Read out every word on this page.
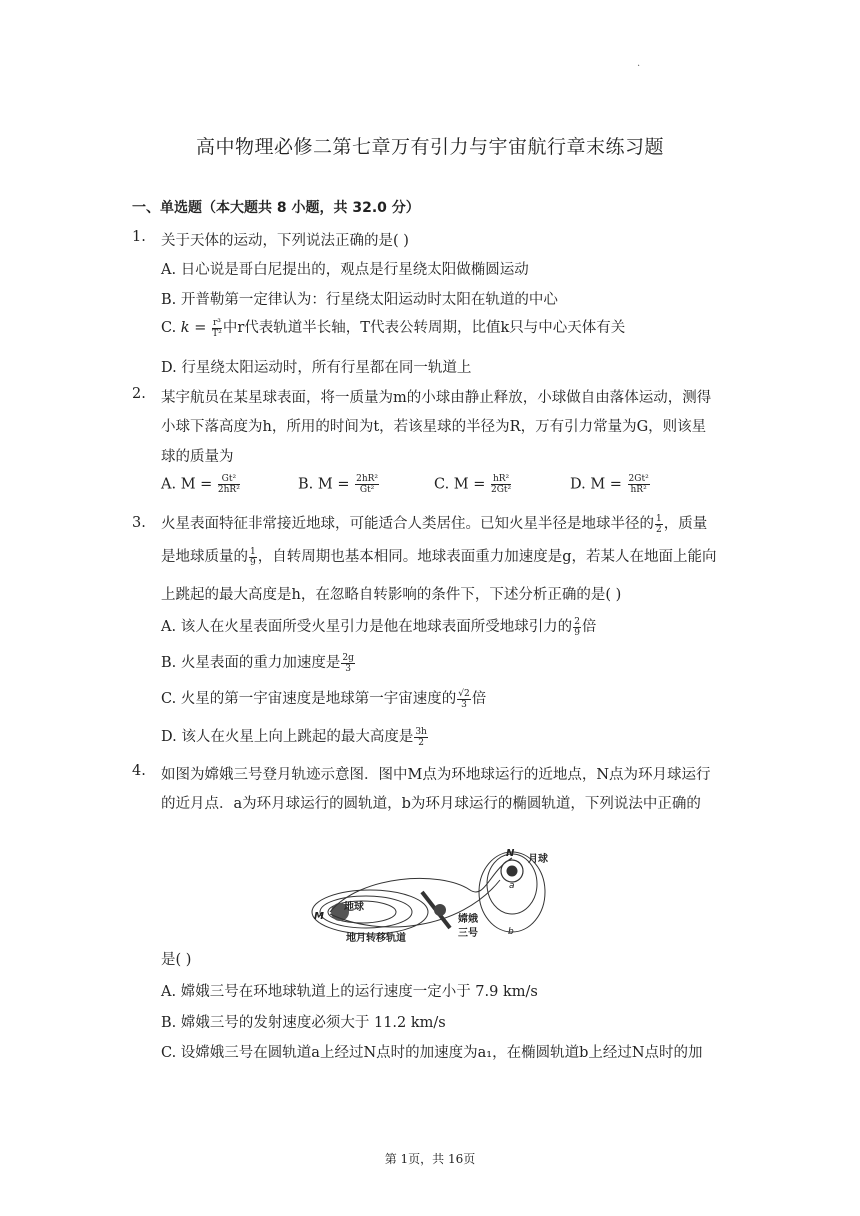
.
高中物理必修二第七章万有引力与宇宙航行章末练习题
一、单选题（本大题共 8 小题，共 32.0 分）
1. 关于天体的运动，下列说法正确的是( )
A. 日心说是哥白尼提出的，观点是行星绕太阳做椭圆运动
B. 开普勒第一定律认为：行星绕太阳运动时太阳在轨道的中心
C. $k = \frac{\text{r³}}{\text{T²}}$ 中r代表轨道半长轴，T代表公转周期，比值k只与中心天体有关
D. 行星绕太阳运动时，所有行星都在同一轨道上
2. 某宇航员在某星球表面，将一质量为m的小球由静止释放，小球做自由落体运动，测得
小球下落高度为h，所用的时间为t，若该星球的半径为R，万有引力常量为G，则该星
球的质量为
A. $M = \frac{\text{Gt²}}{\text{2hR²}}$	B. $M = \frac{\text{2hR²}}{\text{Gt²}}$	C. $M = \frac{\text{hR²}}{\text{2Gt²}}$	D. $M = \frac{\text{2Gt²}}{\text{hR²}}$
3. 火星表面特征非常接近地球，可能适合人类居住。已知火星半径是地球半径的 $\frac{1}{2}$ ，质量
是地球质量的 $\frac{1}{9}$ ，自转周期也基本相同。地球表面重力加速度是g，若某人在地面上能向
上跳起的最大高度是h，在忽略自转影响的条件下，下述分析正确的是( )
A. 该人在火星表面所受火星引力是他在地球表面所受地球引力的 $\frac{2}{9}$ 倍
B. 火星表面的重力加速度是 $\frac{2g}{3}$
C. 火星的第一宇宙速度是地球第一宇宙速度的 $\frac{√2}{3}$ 倍
D. 该人在火星上向上跳起的最大高度是 $\frac{3h}{2}$
4. 如图为嫦娥三号登月轨迹示意图．图中M点为环地球运行的近地点，N点为环月球运行
的近月点．a为环月球运行的圆轨道，b为环月球运行的椭圆轨道，下列说法中正确的
地球
M
N
月球
a
b
嫦娥
三号
地月转移轨道
是( )
A. 嫦娥三号在环地球轨道上的运行速度一定小于 7.9 km/s
B. 嫦娥三号的发射速度必须大于 11.2 km/s
C. 设嫦娥三号在圆轨道a上经过N点时的加速度为a₁，在椭圆轨道b上经过N点时的加
第 1页，共 16页
